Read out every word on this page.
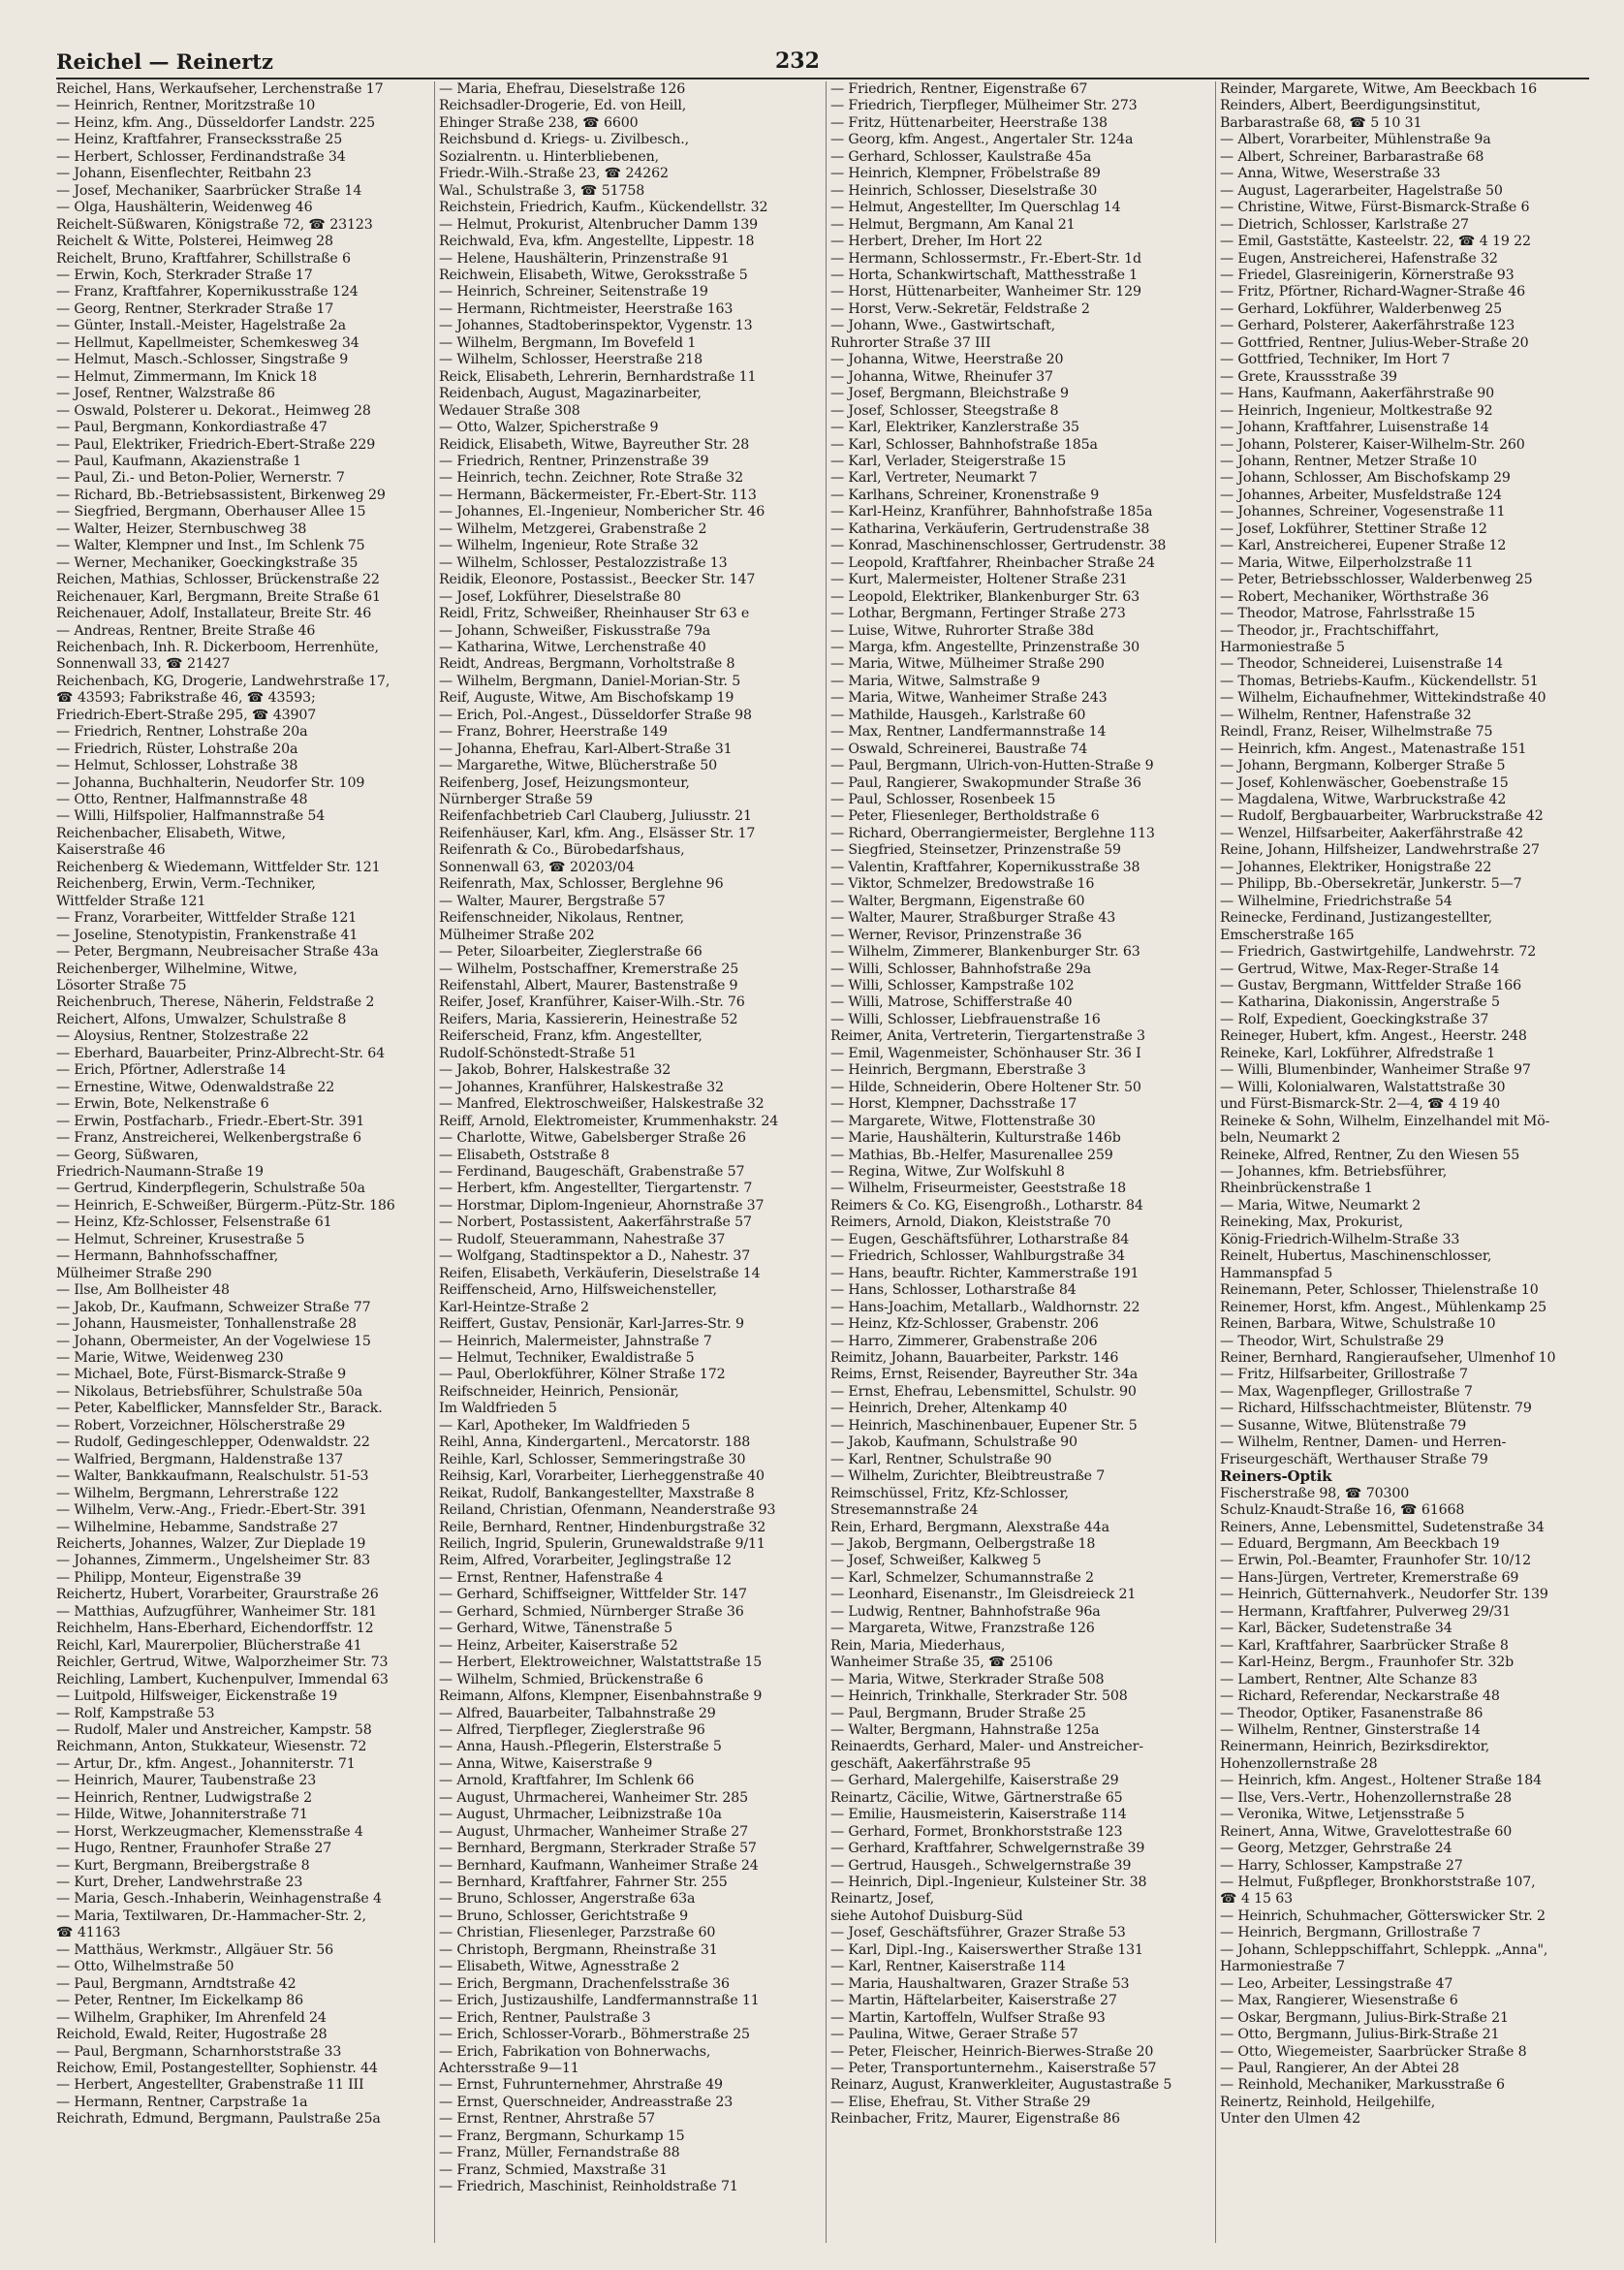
Reichel — Reinertz	232
Reichel, Hans, Werkaufseher, Lerchenstraße 17
— Heinrich, Rentner, Moritzstraße 10
— Heinz, kfm. Ang., Düsseldorfer Landstr. 225
— Heinz, Kraftfahrer, Fransecksstraße 25
— Herbert, Schlosser, Ferdinandstraße 34
— Johann, Eisenflechter, Reitbahn 23
— Josef, Mechaniker, Saarbrücker Straße 14
— Olga, Haushälterin, Weidenweg 46
Reichelt-Süßwaren, Königstraße 72, ☎ 23123
Reichelt & Witte, Polsterei, Heimweg 28
Reichelt, Bruno, Kraftfahrer, Schillstraße 6
— Erwin, Koch, Sterkrader Straße 17
— Franz, Kraftfahrer, Kopernikusstraße 124
— Georg, Rentner, Sterkrader Straße 17
— Günter, Install.-Meister, Hagelstraße 2a
— Hellmut, Kapellmeister, Schemkesweg 34
— Helmut, Masch.-Schlosser, Singstraße 9
— Helmut, Zimmermann, Im Knick 18
— Josef, Rentner, Walzstraße 86
— Oswald, Polsterer u. Dekorat., Heimweg 28
— Paul, Bergmann, Konkordiastraße 47
— Paul, Elektriker, Friedrich-Ebert-Straße 229
— Paul, Kaufmann, Akazienstraße 1
— Paul, Zi.- und Beton-Polier, Wernerstr. 7
— Richard, Bb.-Betriebsassistent, Birkenweg 29
— Siegfried, Bergmann, Oberhauser Allee 15
— Walter, Heizer, Sternbuschweg 38
— Walter, Klempner und Inst., Im Schlenk 75
— Werner, Mechaniker, Goeckingkstraße 35
Reichen, Mathias, Schlosser, Brückenstraße 22
Reichenauer, Karl, Bergmann, Breite Straße 61
Reichenauer, Adolf, Installateur, Breite Str. 46
— Andreas, Rentner, Breite Straße 46
Reichenbach, Inh. R. Dickerboom, Herrenhüte,
Sonnenwall 33, ☎ 21427
Reichenbach, KG, Drogerie, Landwehrstraße 17,
☎ 43593; Fabrikstraße 46, ☎ 43593;
Friedrich-Ebert-Straße 295, ☎ 43907
— Friedrich, Rentner, Lohstraße 20a
— Friedrich, Rüster, Lohstraße 20a
— Helmut, Schlosser, Lohstraße 38
— Johanna, Buchhalterin, Neudorfer Str. 109
— Otto, Rentner, Halfmannstraße 48
— Willi, Hilfspolier, Halfmannstraße 54
Reichenbacher, Elisabeth, Witwe,
Kaiserstraße 46
Reichenberg & Wiedemann, Wittfelder Str. 121
Reichenberg, Erwin, Verm.-Techniker,
Wittfelder Straße 121
— Franz, Vorarbeiter, Wittfelder Straße 121
— Joseline, Stenotypistin, Frankenstraße 41
— Peter, Bergmann, Neubreisacher Straße 43a
Reichenberger, Wilhelmine, Witwe,
Lösorter Straße 75
Reichenbruch, Therese, Näherin, Feldstraße 2
Reichert, Alfons, Umwalzer, Schulstraße 8
— Aloysius, Rentner, Stolzestraße 22
— Eberhard, Bauarbeiter, Prinz-Albrecht-Str. 64
— Erich, Pförtner, Adlerstraße 14
— Ernestine, Witwe, Odenwaldstraße 22
— Erwin, Bote, Nelkenstraße 6
— Erwin, Postfacharb., Friedr.-Ebert-Str. 391
— Franz, Anstreicherei, Welkenbergstraße 6
— Georg, Süßwaren,
Friedrich-Naumann-Straße 19
— Gertrud, Kinderpflegerin, Schulstraße 50a
— Heinrich, E-Schweißer, Bürgerm.-Pütz-Str. 186
— Heinz, Kfz-Schlosser, Felsenstraße 61
— Helmut, Schreiner, Krusestraße 5
— Hermann, Bahnhofsschaffner,
Mülheimer Straße 290
— Ilse, Am Bollheister 48
— Jakob, Dr., Kaufmann, Schweizer Straße 77
— Johann, Hausmeister, Tonhallenstraße 28
— Johann, Obermeister, An der Vogelwiese 15
— Marie, Witwe, Weidenweg 230
— Michael, Bote, Fürst-Bismarck-Straße 9
— Nikolaus, Betriebsführer, Schulstraße 50a
— Peter, Kabelflicker, Mannsfelder Str., Barack.
— Robert, Vorzeichner, Hölscherstraße 29
— Rudolf, Gedingeschlepper, Odenwaldstr. 22
— Walfried, Bergmann, Haldenstraße 137
— Walter, Bankkaufmann, Realschulstr. 51-53
— Wilhelm, Bergmann, Lehrerstraße 122
— Wilhelm, Verw.-Ang., Friedr.-Ebert-Str. 391
— Wilhelmine, Hebamme, Sandstraße 27
Reicherts, Johannes, Walzer, Zur Dieplade 19
— Johannes, Zimmerm., Ungelsheimer Str. 83
— Philipp, Monteur, Eigenstraße 39
Reichertz, Hubert, Vorarbeiter, Graurstraße 26
— Matthias, Aufzugführer, Wanheimer Str. 181
Reichhelm, Hans-Eberhard, Eichendorffstr. 12
Reichl, Karl, Maurerpolier, Blücherstraße 41
Reichler, Gertrud, Witwe, Walporzheimer Str. 73
Reichling, Lambert, Kuchenpulver, Immendal 63
— Luitpold, Hilfsweiger, Eickenstraße 19
— Rolf, Kampstraße 53
— Rudolf, Maler und Anstreicher, Kampstr. 58
Reichmann, Anton, Stukkateur, Wiesenstr. 72
— Artur, Dr., kfm. Angest., Johanniterstr. 71
— Heinrich, Maurer, Taubenstraße 23
— Heinrich, Rentner, Ludwigstraße 2
— Hilde, Witwe, Johanniterstraße 71
— Horst, Werkzeugmacher, Klemensstraße 4
— Hugo, Rentner, Fraunhofer Straße 27
— Kurt, Bergmann, Breibergstraße 8
— Kurt, Dreher, Landwehrstraße 23
— Maria, Gesch.-Inhaberin, Weinhagenstraße 4
— Maria, Textilwaren, Dr.-Hammacher-Str. 2,
☎ 41163
— Matthäus, Werkmstr., Allgäuer Str. 56
— Otto, Wilhelmstraße 50
— Paul, Bergmann, Arndtstraße 42
— Peter, Rentner, Im Eickelkamp 86
— Wilhelm, Graphiker, Im Ahrenfeld 24
Reichold, Ewald, Reiter, Hugostraße 28
— Paul, Bergmann, Scharnhorststraße 33
Reichow, Emil, Postangestellter, Sophienstr. 44
— Herbert, Angestellter, Grabenstraße 11 III
— Hermann, Rentner, Carpstraße 1a
Reichrath, Edmund, Bergmann, Paulstraße 25a
— Maria, Ehefrau, Dieselstraße 126
Reichsadler-Drogerie, Ed. von Heill,
Ehinger Straße 238, ☎ 6600
Reichsbund d. Kriegs- u. Zivilbesch.,
Sozialrentn. u. Hinterbliebenen,
Friedr.-Wilh.-Straße 23, ☎ 24262
Wal., Schulstraße 3, ☎ 51758
Reichstein, Friedrich, Kaufm., Kückendellstr. 32
— Helmut, Prokurist, Altenbrucher Damm 139
Reichwald, Eva, kfm. Angestellte, Lippestr. 18
— Helene, Haushälterin, Prinzenstraße 91
Reichwein, Elisabeth, Witwe, Geroksstraße 5
— Heinrich, Schreiner, Seitenstraße 19
— Hermann, Richtmeister, Heerstraße 163
— Johannes, Stadtoberinspektor, Vygenstr. 13
— Wilhelm, Bergmann, Im Bovefeld 1
— Wilhelm, Schlosser, Heerstraße 218
Reick, Elisabeth, Lehrerin, Bernhardstraße 11
Reidenbach, August, Magazinarbeiter,
Wedauer Straße 308
— Otto, Walzer, Spicherstraße 9
Reidick, Elisabeth, Witwe, Bayreuther Str. 28
— Friedrich, Rentner, Prinzenstraße 39
— Heinrich, techn. Zeichner, Rote Straße 32
— Hermann, Bäckermeister, Fr.-Ebert-Str. 113
— Johannes, El.-Ingenieur, Nombericher Str. 46
— Wilhelm, Metzgerei, Grabenstraße 2
— Wilhelm, Ingenieur, Rote Straße 32
— Wilhelm, Schlosser, Pestalozzistraße 13
Reidik, Eleonore, Postassist., Beecker Str. 147
— Josef, Lokführer, Dieselstraße 80
Reidl, Fritz, Schweißer, Rheinhauser Str 63 e
— Johann, Schweißer, Fiskusstraße 79a
— Katharina, Witwe, Lerchenstraße 40
Reidt, Andreas, Bergmann, Vorholtstraße 8
— Wilhelm, Bergmann, Daniel-Morian-Str. 5
Reif, Auguste, Witwe, Am Bischofskamp 19
— Erich, Pol.-Angest., Düsseldorfer Straße 98
— Franz, Bohrer, Heerstraße 149
— Johanna, Ehefrau, Karl-Albert-Straße 31
— Margarethe, Witwe, Blücherstraße 50
Reifenberg, Josef, Heizungsmonteur,
Nürnberger Straße 59
Reifenfachbetrieb Carl Clauberg, Juliusstr. 21
Reifenhäuser, Karl, kfm. Ang., Elsässer Str. 17
Reifenrath & Co., Bürobedarfshaus,
Sonnenwall 63, ☎ 20203/04
Reifenrath, Max, Schlosser, Berglehne 96
— Walter, Maurer, Bergstraße 57
Reifenschneider, Nikolaus, Rentner,
Mülheimer Straße 202
— Peter, Siloarbeiter, Zieglerstraße 66
— Wilhelm, Postschaffner, Kremerstraße 25
Reifenstahl, Albert, Maurer, Bastenstraße 9
Reifer, Josef, Kranführer, Kaiser-Wilh.-Str. 76
Reifers, Maria, Kassiererin, Heinestraße 52
Reiferscheid, Franz, kfm. Angestellter,
Rudolf-Schönstedt-Straße 51
— Jakob, Bohrer, Halskestraße 32
— Johannes, Kranführer, Halskestraße 32
— Manfred, Elektroschweißer, Halskestraße 32
Reiff, Arnold, Elektromeister, Krummenhakstr. 24
— Charlotte, Witwe, Gabelsberger Straße 26
— Elisabeth, Oststraße 8
— Ferdinand, Baugeschäft, Grabenstraße 57
— Herbert, kfm. Angestellter, Tiergartenstr. 7
— Horstmar, Diplom-Ingenieur, Ahornstraße 37
— Norbert, Postassistent, Aakerfährstraße 57
— Rudolf, Steuerammann, Nahestraße 37
— Wolfgang, Stadtinspektor a D., Nahestr. 37
Reifen, Elisabeth, Verkäuferin, Dieselstraße 14
Reiffenscheid, Arno, Hilfsweichensteller,
Karl-Heintze-Straße 2
Reiffert, Gustav, Pensionär, Karl-Jarres-Str. 9
— Heinrich, Malermeister, Jahnstraße 7
— Helmut, Techniker, Ewaldistraße 5
— Paul, Oberlokführer, Kölner Straße 172
Reifschneider, Heinrich, Pensionär,
Im Waldfrieden 5
— Karl, Apotheker, Im Waldfrieden 5
Reihl, Anna, Kindergartenl., Mercatorstr. 188
Reihle, Karl, Schlosser, Semmeringstraße 30
Reihsig, Karl, Vorarbeiter, Lierheggenstraße 40
Reikat, Rudolf, Bankangestellter, Maxstraße 8
Reiland, Christian, Ofenmann, Neanderstraße 93
Reile, Bernhard, Rentner, Hindenburgstraße 32
Reilich, Ingrid, Spulerin, Grunewaldstraße 9/11
Reim, Alfred, Vorarbeiter, Jeglingstraße 12
— Ernst, Rentner, Hafenstraße 4
— Gerhard, Schiffseigner, Wittfelder Str. 147
— Gerhard, Schmied, Nürnberger Straße 36
— Gerhard, Witwe, Tänenstraße 5
— Heinz, Arbeiter, Kaiserstraße 52
— Herbert, Elektroweichner, Walstattstraße 15
— Wilhelm, Schmied, Brückenstraße 6
Reimann, Alfons, Klempner, Eisenbahnstraße 9
— Alfred, Bauarbeiter, Talbahnstraße 29
— Alfred, Tierpfleger, Zieglerstraße 96
— Anna, Haush.-Pflegerin, Elsterstraße 5
— Anna, Witwe, Kaiserstraße 9
— Arnold, Kraftfahrer, Im Schlenk 66
— August, Uhrmacherei, Wanheimer Str. 285
— August, Uhrmacher, Leibnizstraße 10a
— August, Uhrmacher, Wanheimer Straße 27
— Bernhard, Bergmann, Sterkrader Straße 57
— Bernhard, Kaufmann, Wanheimer Straße 24
— Bernhard, Kraftfahrer, Fahrner Str. 255
— Bruno, Schlosser, Angerstraße 63a
— Bruno, Schlosser, Gerichtstraße 9
— Christian, Fliesenleger, Parzstraße 60
— Christoph, Bergmann, Rheinstraße 31
— Elisabeth, Witwe, Agnesstraße 2
— Erich, Bergmann, Drachenfelsstraße 36
— Erich, Justizaushilfe, Landfermannstraße 11
— Erich, Rentner, Paulstraße 3
— Erich, Schlosser-Vorarb., Böhmerstraße 25
— Erich, Fabrikation von Bohnerwachs,
Achtersstraße 9—11
— Ernst, Fuhrunternehmer, Ahrstraße 49
— Ernst, Querschneider, Andreasstraße 23
— Ernst, Rentner, Ahrstraße 57
— Franz, Bergmann, Schurkamp 15
— Franz, Müller, Fernandstraße 88
— Franz, Schmied, Maxstraße 31
— Friedrich, Maschinist, Reinholdstraße 71
— Friedrich, Rentner, Eigenstraße 67
— Friedrich, Tierpfleger, Mülheimer Str. 273
— Fritz, Hüttenarbeiter, Heerstraße 138
— Georg, kfm. Angest., Angertaler Str. 124a
— Gerhard, Schlosser, Kaulstraße 45a
— Heinrich, Klempner, Fröbelstraße 89
— Heinrich, Schlosser, Dieselstraße 30
— Helmut, Angestellter, Im Querschlag 14
— Helmut, Bergmann, Am Kanal 21
— Herbert, Dreher, Im Hort 22
— Hermann, Schlossermstr., Fr.-Ebert-Str. 1d
— Horta, Schankwirtschaft, Matthesstraße 1
— Horst, Hüttenarbeiter, Wanheimer Str. 129
— Horst, Verw.-Sekretär, Feldstraße 2
— Johann, Wwe., Gastwirtschaft,
Ruhrorter Straße 37 III
— Johanna, Witwe, Heerstraße 20
— Johanna, Witwe, Rheinufer 37
— Josef, Bergmann, Bleichstraße 9
— Josef, Schlosser, Steegstraße 8
— Karl, Elektriker, Kanzlerstraße 35
— Karl, Schlosser, Bahnhofstraße 185a
— Karl, Verlader, Steigerstraße 15
— Karl, Vertreter, Neumarkt 7
— Karlhans, Schreiner, Kronenstraße 9
— Karl-Heinz, Kranführer, Bahnhofstraße 185a
— Katharina, Verkäuferin, Gertrudenstraße 38
— Konrad, Maschinenschlosser, Gertrudenstr. 38
— Leopold, Kraftfahrer, Rheinbacher Straße 24
— Kurt, Malermeister, Holtener Straße 231
— Leopold, Elektriker, Blankenburger Str. 63
— Lothar, Bergmann, Fertinger Straße 273
— Luise, Witwe, Ruhrorter Straße 38d
— Marga, kfm. Angestellte, Prinzenstraße 30
— Maria, Witwe, Mülheimer Straße 290
— Maria, Witwe, Salmstraße 9
— Maria, Witwe, Wanheimer Straße 243
— Mathilde, Hausgeh., Karlstraße 60
— Max, Rentner, Landfermannstraße 14
— Oswald, Schreinerei, Baustraße 74
— Paul, Bergmann, Ulrich-von-Hutten-Straße 9
— Paul, Rangierer, Swakopmunder Straße 36
— Paul, Schlosser, Rosenbeek 15
— Peter, Fliesenleger, Bertholdstraße 6
— Richard, Oberrangiermeister, Berglehne 113
— Siegfried, Steinsetzer, Prinzenstraße 59
— Valentin, Kraftfahrer, Kopernikusstraße 38
— Viktor, Schmelzer, Bredowstraße 16
— Walter, Bergmann, Eigenstraße 60
— Walter, Maurer, Straßburger Straße 43
— Werner, Revisor, Prinzenstraße 36
— Wilhelm, Zimmerer, Blankenburger Str. 63
— Willi, Schlosser, Bahnhofstraße 29a
— Willi, Schlosser, Kampstraße 102
— Willi, Matrose, Schifferstraße 40
— Willi, Schlosser, Liebfrauenstraße 16
Reimer, Anita, Vertreterin, Tiergartenstraße 3
— Emil, Wagenmeister, Schönhauser Str. 36 I
— Heinrich, Bergmann, Eberstraße 3
— Hilde, Schneiderin, Obere Holtener Str. 50
— Horst, Klempner, Dachsstraße 17
— Margarete, Witwe, Flottenstraße 30
— Marie, Haushälterin, Kulturstraße 146b
— Mathias, Bb.-Helfer, Masurenallee 259
— Regina, Witwe, Zur Wolfskuhl 8
— Wilhelm, Friseurmeister, Geeststraße 18
Reimers & Co. KG, Eisengroßh., Lotharstr. 84
Reimers, Arnold, Diakon, Kleiststraße 70
— Eugen, Geschäftsführer, Lotharstraße 84
— Friedrich, Schlosser, Wahlburgstraße 34
— Hans, beauftr. Richter, Kammerstraße 191
— Hans, Schlosser, Lotharstraße 84
— Hans-Joachim, Metallarb., Waldhornstr. 22
— Heinz, Kfz-Schlosser, Grabenstr. 206
— Harro, Zimmerer, Grabenstraße 206
Reimitz, Johann, Bauarbeiter, Parkstr. 146
Reims, Ernst, Reisender, Bayreuther Str. 34a
— Ernst, Ehefrau, Lebensmittel, Schulstr. 90
— Heinrich, Dreher, Altenkamp 40
— Heinrich, Maschinenbauer, Eupener Str. 5
— Jakob, Kaufmann, Schulstraße 90
— Karl, Rentner, Schulstraße 90
— Wilhelm, Zurichter, Bleibtreustraße 7
Reimschüssel, Fritz, Kfz-Schlosser,
Stresemannstraße 24
Rein, Erhard, Bergmann, Alexstraße 44a
— Jakob, Bergmann, Oelbergstraße 18
— Josef, Schweißer, Kalkweg 5
— Karl, Schmelzer, Schumannstraße 2
— Leonhard, Eisenanstr., Im Gleisdreieck 21
— Ludwig, Rentner, Bahnhofstraße 96a
— Margareta, Witwe, Franzstraße 126
Rein, Maria, Miederhaus,
Wanheimer Straße 35, ☎ 25106
— Maria, Witwe, Sterkrader Straße 508
— Heinrich, Trinkhalle, Sterkrader Str. 508
— Paul, Bergmann, Bruder Straße 25
— Walter, Bergmann, Hahnstraße 125a
Reinaerdts, Gerhard, Maler- und Anstreicher-
geschäft, Aakerfährstraße 95
— Gerhard, Malergehilfe, Kaiserstraße 29
Reinartz, Cäcilie, Witwe, Gärtnerstraße 65
— Emilie, Hausmeisterin, Kaiserstraße 114
— Gerhard, Formet, Bronkhorststraße 123
— Gerhard, Kraftfahrer, Schwelgernstraße 39
— Gertrud, Hausgeh., Schwelgernstraße 39
— Heinrich, Dipl.-Ingenieur, Kulsteiner Str. 38
Reinartz, Josef,
siehe Autohof Duisburg-Süd
— Josef, Geschäftsführer, Grazer Straße 53
— Karl, Dipl.-Ing., Kaiserswerther Straße 131
— Karl, Rentner, Kaiserstraße 114
— Maria, Haushaltwaren, Grazer Straße 53
— Martin, Häftelarbeiter, Kaiserstraße 27
— Martin, Kartoffeln, Wulfser Straße 93
— Paulina, Witwe, Geraer Straße 57
— Peter, Fleischer, Heinrich-Bierwes-Straße 20
— Peter, Transportunternehm., Kaiserstraße 57
Reinarz, August, Kranwerkleiter, Augustastraße 5
— Elise, Ehefrau, St. Vither Straße 29
Reinbacher, Fritz, Maurer, Eigenstraße 86
Reinder, Margarete, Witwe, Am Beeckbach 16
Reinders, Albert, Beerdigungsinstitut,
Barbarastraße 68, ☎ 5 10 31
— Albert, Vorarbeiter, Mühlenstraße 9a
— Albert, Schreiner, Barbarastraße 68
— Anna, Witwe, Weserstraße 33
— August, Lagerarbeiter, Hagelstraße 50
— Christine, Witwe, Fürst-Bismarck-Straße 6
— Dietrich, Schlosser, Karlstraße 27
— Emil, Gaststätte, Kasteelstr. 22, ☎ 4 19 22
— Eugen, Anstreicherei, Hafenstraße 32
— Friedel, Glasreinigerin, Körnerstraße 93
— Fritz, Pförtner, Richard-Wagner-Straße 46
— Gerhard, Lokführer, Walderbenweg 25
— Gerhard, Polsterer, Aakerfährstraße 123
— Gottfried, Rentner, Julius-Weber-Straße 20
— Gottfried, Techniker, Im Hort 7
— Grete, Kraussstraße 39
— Hans, Kaufmann, Aakerfährstraße 90
— Heinrich, Ingenieur, Moltkestraße 92
— Johann, Kraftfahrer, Luisenstraße 14
— Johann, Polsterer, Kaiser-Wilhelm-Str. 260
— Johann, Rentner, Metzer Straße 10
— Johann, Schlosser, Am Bischofskamp 29
— Johannes, Arbeiter, Musfeldstraße 124
— Johannes, Schreiner, Vogesenstraße 11
— Josef, Lokführer, Stettiner Straße 12
— Karl, Anstreicherei, Eupener Straße 12
— Maria, Witwe, Eilperholzstraße 11
— Peter, Betriebsschlosser, Walderbenweg 25
— Robert, Mechaniker, Wörthstraße 36
— Theodor, Matrose, Fahrlsstraße 15
— Theodor, jr., Frachtschiffahrt,
Harmoniestraße 5
— Theodor, Schneiderei, Luisenstraße 14
— Thomas, Betriebs-Kaufm., Kückendellstr. 51
— Wilhelm, Eichaufnehmer, Wittekindstraße 40
— Wilhelm, Rentner, Hafenstraße 32
Reindl, Franz, Reiser, Wilhelmstraße 75
— Heinrich, kfm. Angest., Matenastraße 151
— Johann, Bergmann, Kolberger Straße 5
— Josef, Kohlenwäscher, Goebenstraße 15
— Magdalena, Witwe, Warbruckstraße 42
— Rudolf, Bergbauarbeiter, Warbruckstraße 42
— Wenzel, Hilfsarbeiter, Aakerfährstraße 42
Reine, Johann, Hilfsheizer, Landwehrstraße 27
— Johannes, Elektriker, Honigstraße 22
— Philipp, Bb.-Obersekretär, Junkerstr. 5—7
— Wilhelmine, Friedrichstraße 54
Reinecke, Ferdinand, Justizangestellter,
Emscherstraße 165
— Friedrich, Gastwirtgehilfe, Landwehrstr. 72
— Gertrud, Witwe, Max-Reger-Straße 14
— Gustav, Bergmann, Wittfelder Straße 166
— Katharina, Diakonissin, Angerstraße 5
— Rolf, Expedient, Goeckingkstraße 37
Reineger, Hubert, kfm. Angest., Heerstr. 248
Reineke, Karl, Lokführer, Alfredstraße 1
— Willi, Blumenbinder, Wanheimer Straße 97
— Willi, Kolonialwaren, Walstattstraße 30
und Fürst-Bismarck-Str. 2—4, ☎ 4 19 40
Reineke & Sohn, Wilhelm, Einzelhandel mit Mö-
beln, Neumarkt 2
Reineke, Alfred, Rentner, Zu den Wiesen 55
— Johannes, kfm. Betriebsführer,
Rheinbrückenstraße 1
— Maria, Witwe, Neumarkt 2
Reineking, Max, Prokurist,
König-Friedrich-Wilhelm-Straße 33
Reinelt, Hubertus, Maschinenschlosser,
Hammanspfad 5
Reinemann, Peter, Schlosser, Thielenstraße 10
Reinemer, Horst, kfm. Angest., Mühlenkamp 25
Reinen, Barbara, Witwe, Schulstraße 10
— Theodor, Wirt, Schulstraße 29
Reiner, Bernhard, Rangieraufseher, Ulmenhof 10
— Fritz, Hilfsarbeiter, Grillostraße 7
— Max, Wagenpfleger, Grillostraße 7
— Richard, Hilfsschachtmeister, Blütenstr. 79
— Susanne, Witwe, Blütenstraße 79
— Wilhelm, Rentner, Damen- und Herren-
Friseurgeschäft, Werthauser Straße 79
Reiners-Optik
Fischerstraße 98, ☎ 70300
Schulz-Knaudt-Straße 16, ☎ 61668
Reiners, Anne, Lebensmittel, Sudetenstraße 34
— Eduard, Bergmann, Am Beeckbach 19
— Erwin, Pol.-Beamter, Fraunhofer Str. 10/12
— Hans-Jürgen, Vertreter, Kremerstraße 69
— Heinrich, Gütternahverk., Neudorfer Str. 139
— Hermann, Kraftfahrer, Pulverweg 29/31
— Karl, Bäcker, Sudetenstraße 34
— Karl, Kraftfahrer, Saarbrücker Straße 8
— Karl-Heinz, Bergm., Fraunhofer Str. 32b
— Lambert, Rentner, Alte Schanze 83
— Richard, Referendar, Neckarstraße 48
— Theodor, Optiker, Fasanenstraße 86
— Wilhelm, Rentner, Ginsterstraße 14
Reinermann, Heinrich, Bezirksdirektor,
Hohenzollernstraße 28
— Heinrich, kfm. Angest., Holtener Straße 184
— Ilse, Vers.-Vertr., Hohenzollernstraße 28
— Veronika, Witwe, Letjensstraße 5
Reinert, Anna, Witwe, Gravelottestraße 60
— Georg, Metzger, Gehrstraße 24
— Harry, Schlosser, Kampstraße 27
— Helmut, Fußpfleger, Bronkhorststraße 107,
☎ 4 15 63
— Heinrich, Schuhmacher, Götterswicker Str. 2
— Heinrich, Bergmann, Grillostraße 7
— Johann, Schleppschiffahrt, Schleppk. „Anna",
Harmoniestraße 7
— Leo, Arbeiter, Lessingstraße 47
— Max, Rangierer, Wiesenstraße 6
— Oskar, Bergmann, Julius-Birk-Straße 21
— Otto, Bergmann, Julius-Birk-Straße 21
— Otto, Wiegemeister, Saarbrücker Straße 8
— Paul, Rangierer, An der Abtei 28
— Reinhold, Mechaniker, Markusstraße 6
Reinertz, Reinhold, Heilgehilfe,
Unter den Ulmen 42
